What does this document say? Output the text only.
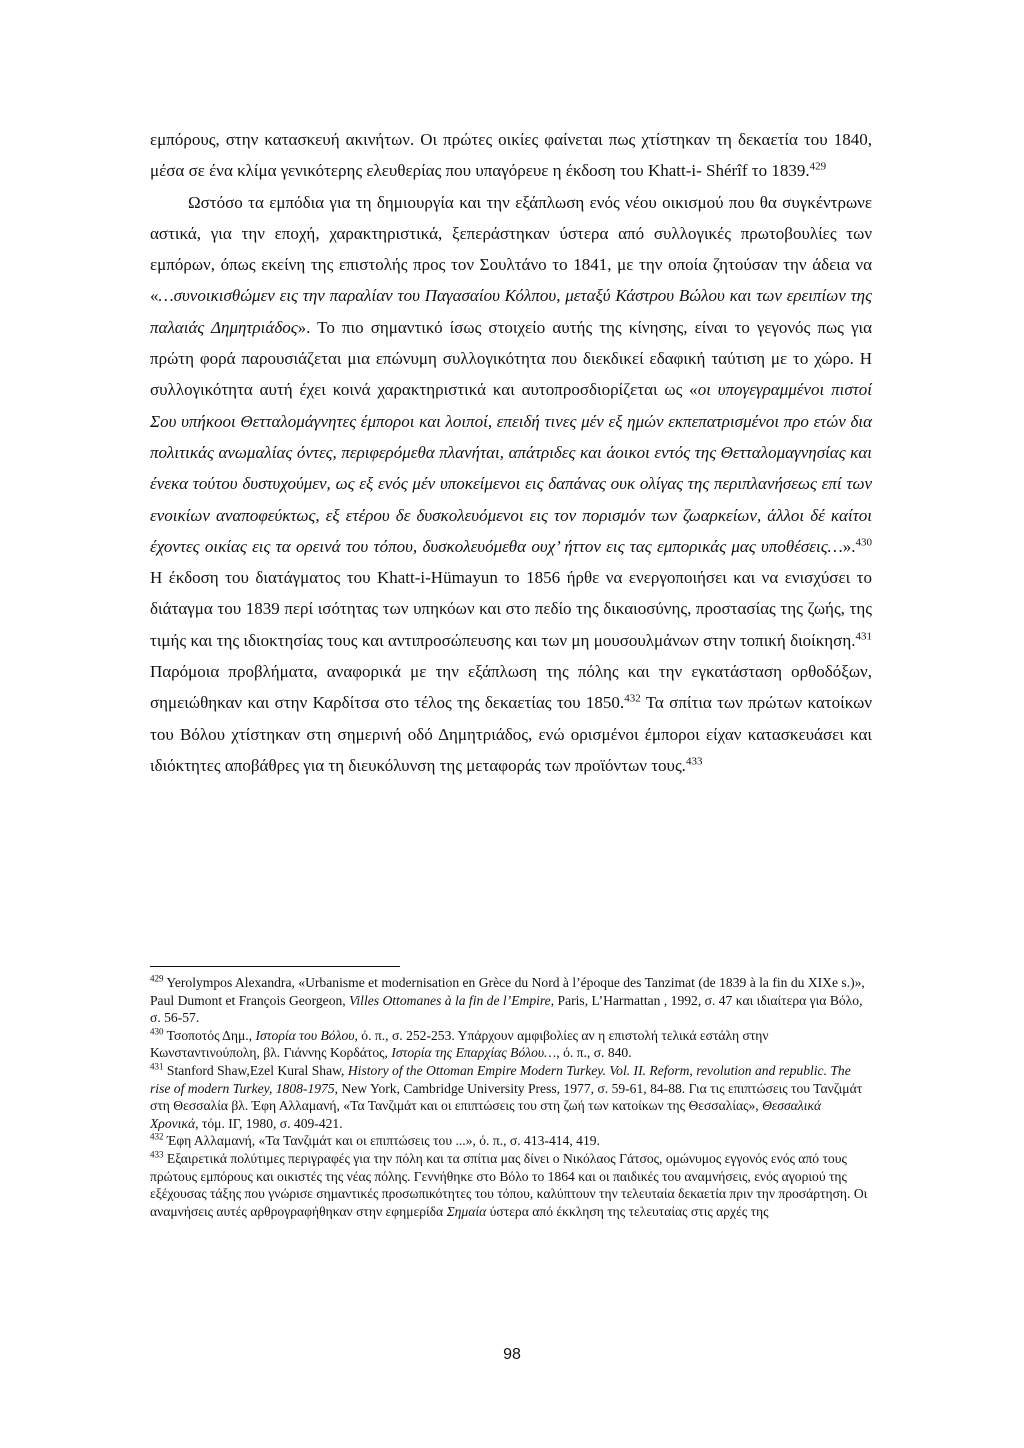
εμπόρους, στην κατασκευή ακινήτων. Οι πρώτες οικίες φαίνεται πως χτίστηκαν τη δεκαετία του 1840, μέσα σε ένα κλίμα γενικότερης ελευθερίας που υπαγόρευε η έκδοση του Khatt-i- Shérîf το 1839.$^{429}$

Ωστόσο τα εμπόδια για τη δημιουργία και την εξάπλωση ενός νέου οικισμού που θα συγκέντρωνε αστικά, για την εποχή, χαρακτηριστικά, ξεπεράστηκαν ύστερα από συλλογικές πρωτοβουλίες των εμπόρων, όπως εκείνη της επιστολής προς τον Σουλτάνο το 1841, με την οποία ζητούσαν την άδεια να «…συνοικισθώμεν εις την παραλίαν του Παγασαίου Κόλπου, μεταξύ Κάστρου Βώλου και των ερειπίων της παλαιάς Δημητριάδος». Το πιο σημαντικό ίσως στοιχείο αυτής της κίνησης, είναι το γεγονός πως για πρώτη φορά παρουσιάζεται μια επώνυμη συλλογικότητα που διεκδικεί εδαφική ταύτιση με το χώρο. Η συλλογικότητα αυτή έχει κοινά χαρακτηριστικά και αυτοπροσδιορίζεται ως «οι υπογεγραμμένοι πιστοί Σου υπήκοοι Θετταλομάγνητες έμποροι και λοιποί, επειδή τινες μέν εξ ημών εκπεπατρισμένοι προ ετών δια πολιτικάς ανωμαλίας όντες, περιφερόμεθα πλανήται, απάτριδες και άοικοι εντός της Θετταλομαγνησίας και ένεκα τούτου δυστυχούμεν, ως εξ ενός μέν υποκείμενοι εις δαπάνας ουκ ολίγας της περιπλανήσεως επί των ενοικίων αναποφεύκτως, εξ ετέρου δε δυσκολευόμενοι εις τον πορισμόν των ζωαρκείων, άλλοι δέ καίτοι έχοντες οικίας εις τα ορεινά του τόπου, δυσκολευόμεθα ουχ’ ήττον εις τας εμπορικάς μας υποθέσεις…».$^{430}$ Η έκδοση του διατάγματος του Khatt-i-Hümayun το 1856 ήρθε να ενεργοποιήσει και να ενισχύσει το διάταγμα του 1839 περί ισότητας των υπηκόων και στο πεδίο της δικαιοσύνης, προστασίας της ζωής, της τιμής και της ιδιοκτησίας τους και αντιπροσώπευσης και των μη μουσουλμάνων στην τοπική διοίκηση.$^{431}$ Παρόμοια προβλήματα, αναφορικά με την εξάπλωση της πόλης και την εγκατάσταση ορθοδόξων, σημειώθηκαν και στην Καρδίτσα στο τέλος της δεκαετίας του 1850.$^{432}$ Τα σπίτια των πρώτων κατοίκων του Βόλου χτίστηκαν στη σημερινή οδό Δημητριάδος, ενώ ορισμένοι έμποροι είχαν κατασκευάσει και ιδιόκτητες αποβάθρες για τη διευκόλυνση της μεταφοράς των προϊόντων τους.$^{433}$

$^{429}$ Yerolympos Alexandra, «Urbanisme et modernisation en Grèce du Nord à l’époque des Tanzimat (de 1839 à la fin du XIXe s.)», Paul Dumont et François Georgeon, Villes Ottomanes à la fin de l’Empire, Paris, L’Harmattan , 1992, σ. 47 και ιδιαίτερα για Βόλο, σ. 56-57.

$^{430}$ Τσοποτός Δημ., Ιστορία του Βόλου, ό. π., σ. 252-253. Υπάρχουν αμφιβολίες αν η επιστολή τελικά εστάλη στην Κωνσταντινούπολη, βλ. Γιάννης Κορδάτος, Ιστορία της Επαρχίας Βόλου…, ό. π., σ. 840.

$^{431}$ Stanford Shaw,Ezel Kural Shaw, History of the Ottoman Empire Modern Turkey. Vol. II. Reform, revolution and republic. The rise of modern Turkey, 1808-1975, New York, Cambridge University Press, 1977, σ. 59-61, 84-88. Για τις επιπτώσεις του Τανζιμάτ στη Θεσσαλία βλ. Έφη Αλλαμανή, «Τα Τανζιμάτ και οι επιπτώσεις του στη ζωή των κατοίκων της Θεσσαλίας», Θεσσαλικά Χρονικά, τόμ. ΙΓ, 1980, σ. 409-421.

$^{432}$ Έφη Αλλαμανή, «Τα Τανζιμάτ και οι επιπτώσεις του ...», ό. π., σ. 413-414, 419.

$^{433}$ Εξαιρετικά πολύτιμες περιγραφές για την πόλη και τα σπίτια μας δίνει ο Νικόλαος Γάτσος, ομώνυμος εγγονός ενός από τους πρώτους εμπόρους και οικιστές της νέας πόλης. Γεννήθηκε στο Βόλο το 1864 και οι παιδικές του αναμνήσεις, ενός αγοριού της εξέχουσας τάξης που γνώρισε σημαντικές προσωπικότητες του τόπου, καλύπτουν την τελευταία δεκαετία πριν την προσάρτηση. Οι αναμνήσεις αυτές αρθρογραφήθηκαν στην εφημερίδα Σημαία ύστερα από έκκληση της τελευταίας στις αρχές της

98
